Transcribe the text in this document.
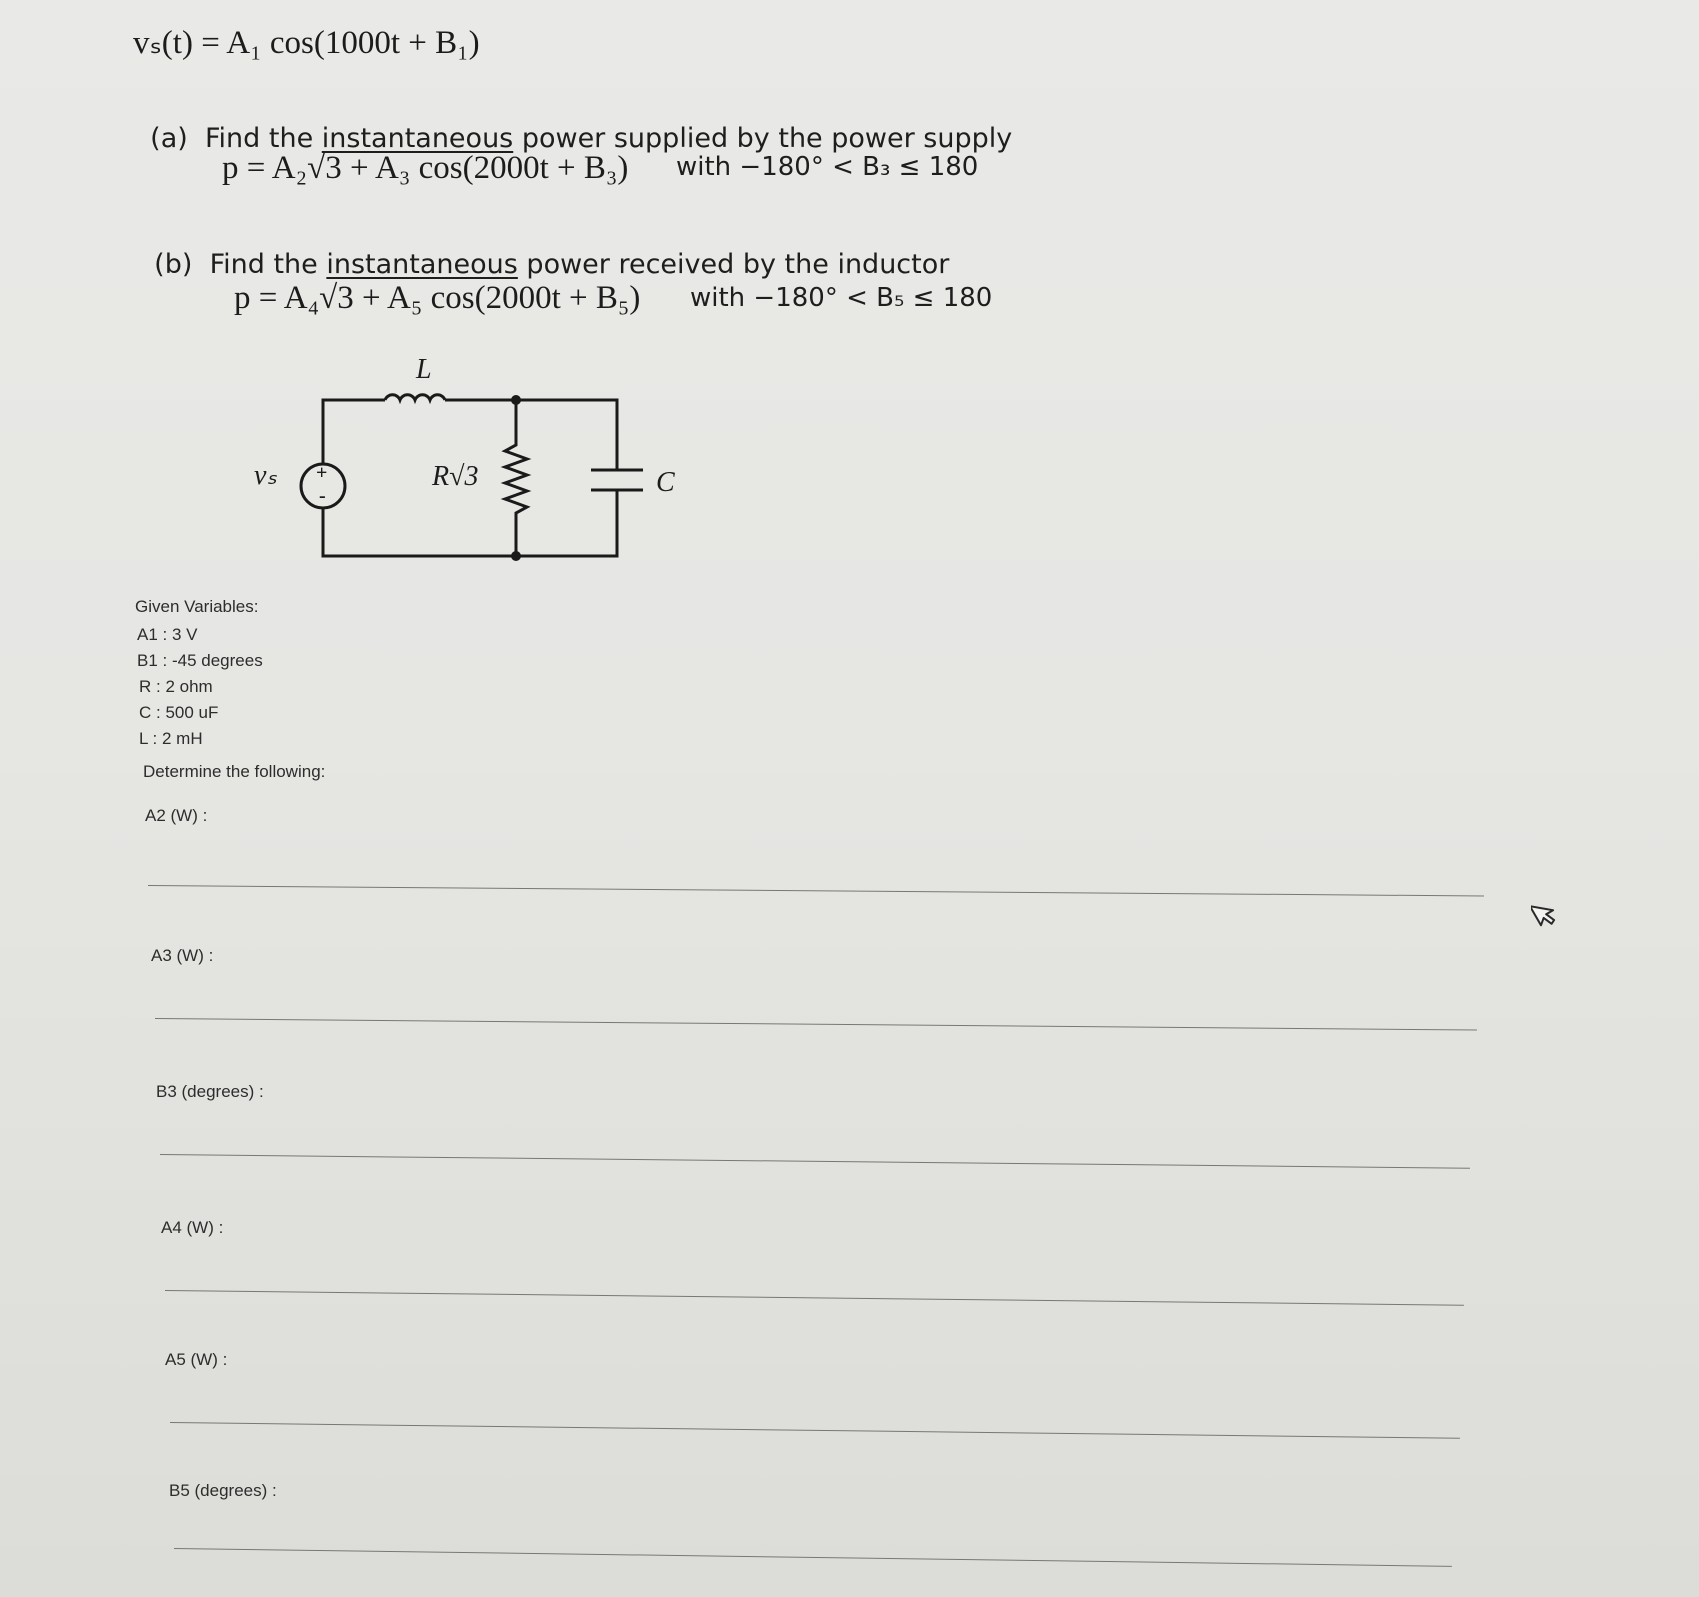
vₛ(t) = A₁ cos(1000t + B₁)

(a) Find the instantaneous power supplied by the power supply

p = A₂√3 + A₃ cos(2000t + B₃) with −180° < B₃ ≤ 180

(b) Find the instantaneous power received by the inductor

p = A₄√3 + A₅ cos(2000t + B₅) with −180° < B₅ ≤ 180
L
vₛ +
-
R√3	C
Given Variables:
A1 : 3 V
B1 : -45 degrees
R : 2 ohm
C : 500 uF
L : 2 mH
Determine the following:
A2 (W) :
A3 (W) :
B3 (degrees) :
A4 (W) :
A5 (W) :
B5 (degrees) :
